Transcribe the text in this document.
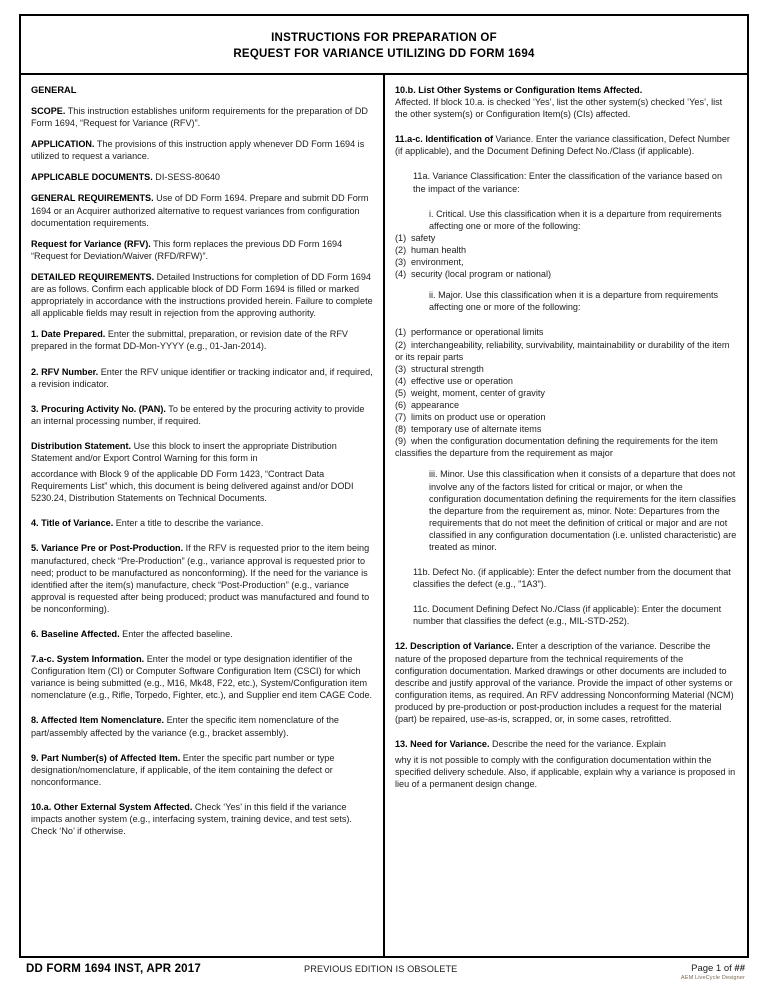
INSTRUCTIONS FOR PREPARATION OF
REQUEST FOR VARIANCE UTILIZING DD FORM 1694
GENERAL

SCOPE. This instruction establishes uniform requirements for the preparation of DD Form 1694, “Request for Variance (RFV)”.

APPLICATION. The provisions of this instruction apply whenever DD Form 1694 is utilized to request a variance.

APPLICABLE DOCUMENTS. DI-SESS-80640

GENERAL REQUIREMENTS. Use of DD Form 1694. Prepare and submit DD Form 1694 or an Acquirer authorized alternative to request variances from configuration documentation requirements.

Request for Variance (RFV). This form replaces the previous DD Form 1694 “Request for Deviation/Waiver (RFD/RFW)”.

DETAILED REQUIREMENTS. Detailed Instructions for completion of DD Form 1694 are as follows. Confirm each applicable block of DD Form 1694 is filled or marked appropriately in accordance with the instructions provided herein. Failure to complete all applicable fields may result in rejection from the approving authority.

1. Date Prepared. Enter the submittal, preparation, or revision date of the RFV prepared in the format DD-Mon-YYYY (e.g., 01-Jan-2014).

2. RFV Number. Enter the RFV unique identifier or tracking indicator and, if required, a revision indicator.

3. Procuring Activity No. (PAN). To be entered by the procuring activity to provide an internal processing number, if required.

Distribution Statement. Use this block to insert the appropriate Distribution Statement and/or Export Control Warning for this form in

accordance with Block 9 of the applicable DD Form 1423, “Contract Data Requirements List” which, this document is being delivered against and/or DODI 5230.24, Distribution Statements on Technical Documents.

4. Title of Variance. Enter a title to describe the variance.

5. Variance Pre or Post-Production. If the RFV is requested prior to the item being manufactured, check “Pre-Production” (e.g., variance approval is requested prior to need; product to be manufactured as nonconforming). If the need for the variance is identified after the item(s) manufacture, check “Post-Production” (e.g., variance approval is requested after being produced; product was manufactured and found to be nonconforming).

6. Baseline Affected. Enter the affected baseline.

7.a-c. System Information. Enter the model or type designation identifier of the Configuration Item (CI) or Computer Software Configuration Item (CSCI) for which variance is being submitted (e.g., M16, Mk48, F22, etc.), System/Configuration item nomenclature (e.g., Rifle, Torpedo, Fighter, etc.), and Supplier end item CAGE Code.

8. Affected Item Nomenclature. Enter the specific item nomenclature of the part/assembly affected by the variance (e.g., bracket assembly).

9. Part Number(s) of Affected Item. Enter the specific part number or type designation/nomenclature, if applicable, of the item containing the defect or nonconformance.

10.a. Other External System Affected. Check ‘Yes’ in this field if the variance impacts another system (e.g., interfacing system, training device, and test sets). Check ‘No’ if otherwise.

10.b. List Other Systems or Configuration Items Affected.
Affected. If block 10.a. is checked ‘Yes’, list the other system(s) checked ‘Yes’, list the other system(s) or Configuration Item(s) (CIs) affected.

11.a-c. Identification of Variance. Enter the variance classification, Defect Number (if applicable), and the Document Defining Defect No./Class (if applicable).

11a. Variance Classification: Enter the classification of the variance based on the impact of the variance:

i. Critical. Use this classification when it is a departure from requirements affecting one or more of the following:

(1) safety
(2) human health
(3) environment,
(4) security (local program or national)

ii. Major. Use this classification when it is a departure from requirements affecting one or more of the following:

(1) performance or operational limits
(2) interchangeability, reliability, survivability, maintainability or durability of the item or its repair parts
(3) structural strength
(4) effective use or operation
(5) weight, moment, center of gravity
(6) appearance
(7) limits on product use or operation
(8) temporary use of alternate items
(9) when the configuration documentation defining the requirements for the item classifies the departure from the requirement as major

iii. Minor. Use this classification when it consists of a departure that does not involve any of the factors listed for critical or major, or when the configuration documentation defining the requirements for the item classifies the departure from the requirement as, minor. Note: Departures from the requirements that do not meet the definition of critical or major and are not classified in any configuration documentation (i.e. unlisted characteristic) are treated as minor.

11b. Defect No. (if applicable): Enter the defect number from the document that classifies the defect (e.g., "1A3").

11c. Document Defining Defect No./Class (if applicable): Enter the document number that classifies the defect (e.g., MIL-STD-252).

12. Description of Variance. Enter a description of the variance. Describe the nature of the proposed departure from the technical requirements of the configuration documentation. Marked drawings or other documents are included to describe and justify approval of the variance. Provide the impact of other systems or configuration items, as required. An RFV addressing Nonconforming Material (NCM) produced by pre-production or post-production includes a request for the material (part) be repaired, use-as-is, scrapped, or, in some cases, retrofitted.

13. Need for Variance. Describe the need for the variance. Explain

why it is not possible to comply with the configuration documentation within the specified delivery schedule. Also, if applicable, explain why a variance is proposed in lieu of a permanent design change.

DD FORM 1694 INST, APR 2017	PREVIOUS EDITION IS OBSOLETE	Page 1 of ##
AEM LiveCycle Designer
